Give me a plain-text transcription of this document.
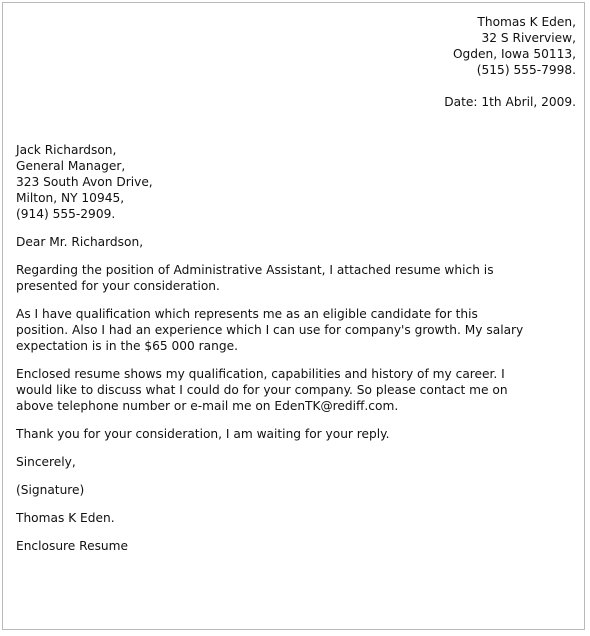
Thomas K Eden,
32 S Riverview,
Ogden, Iowa 50113,
(515) 555-7998.
Date: 1th Abril, 2009.
Jack Richardson,
General Manager,
323 South Avon Drive,
Milton, NY 10945,
(914) 555-2909.
Dear Mr. Richardson,
Regarding the position of Administrative Assistant, I attached resume which is
presented for your consideration.
As I have qualification which represents me as an eligible candidate for this
position. Also I had an experience which I can use for company's growth. My salary
expectation is in the $65 000 range.
Enclosed resume shows my qualification, capabilities and history of my career. I
would like to discuss what I could do for your company. So please contact me on
above telephone number or e-mail me on EdenTK@rediff.com.
Thank you for your consideration, I am waiting for your reply.
Sincerely,
(Signature)
Thomas K Eden.
Enclosure Resume
